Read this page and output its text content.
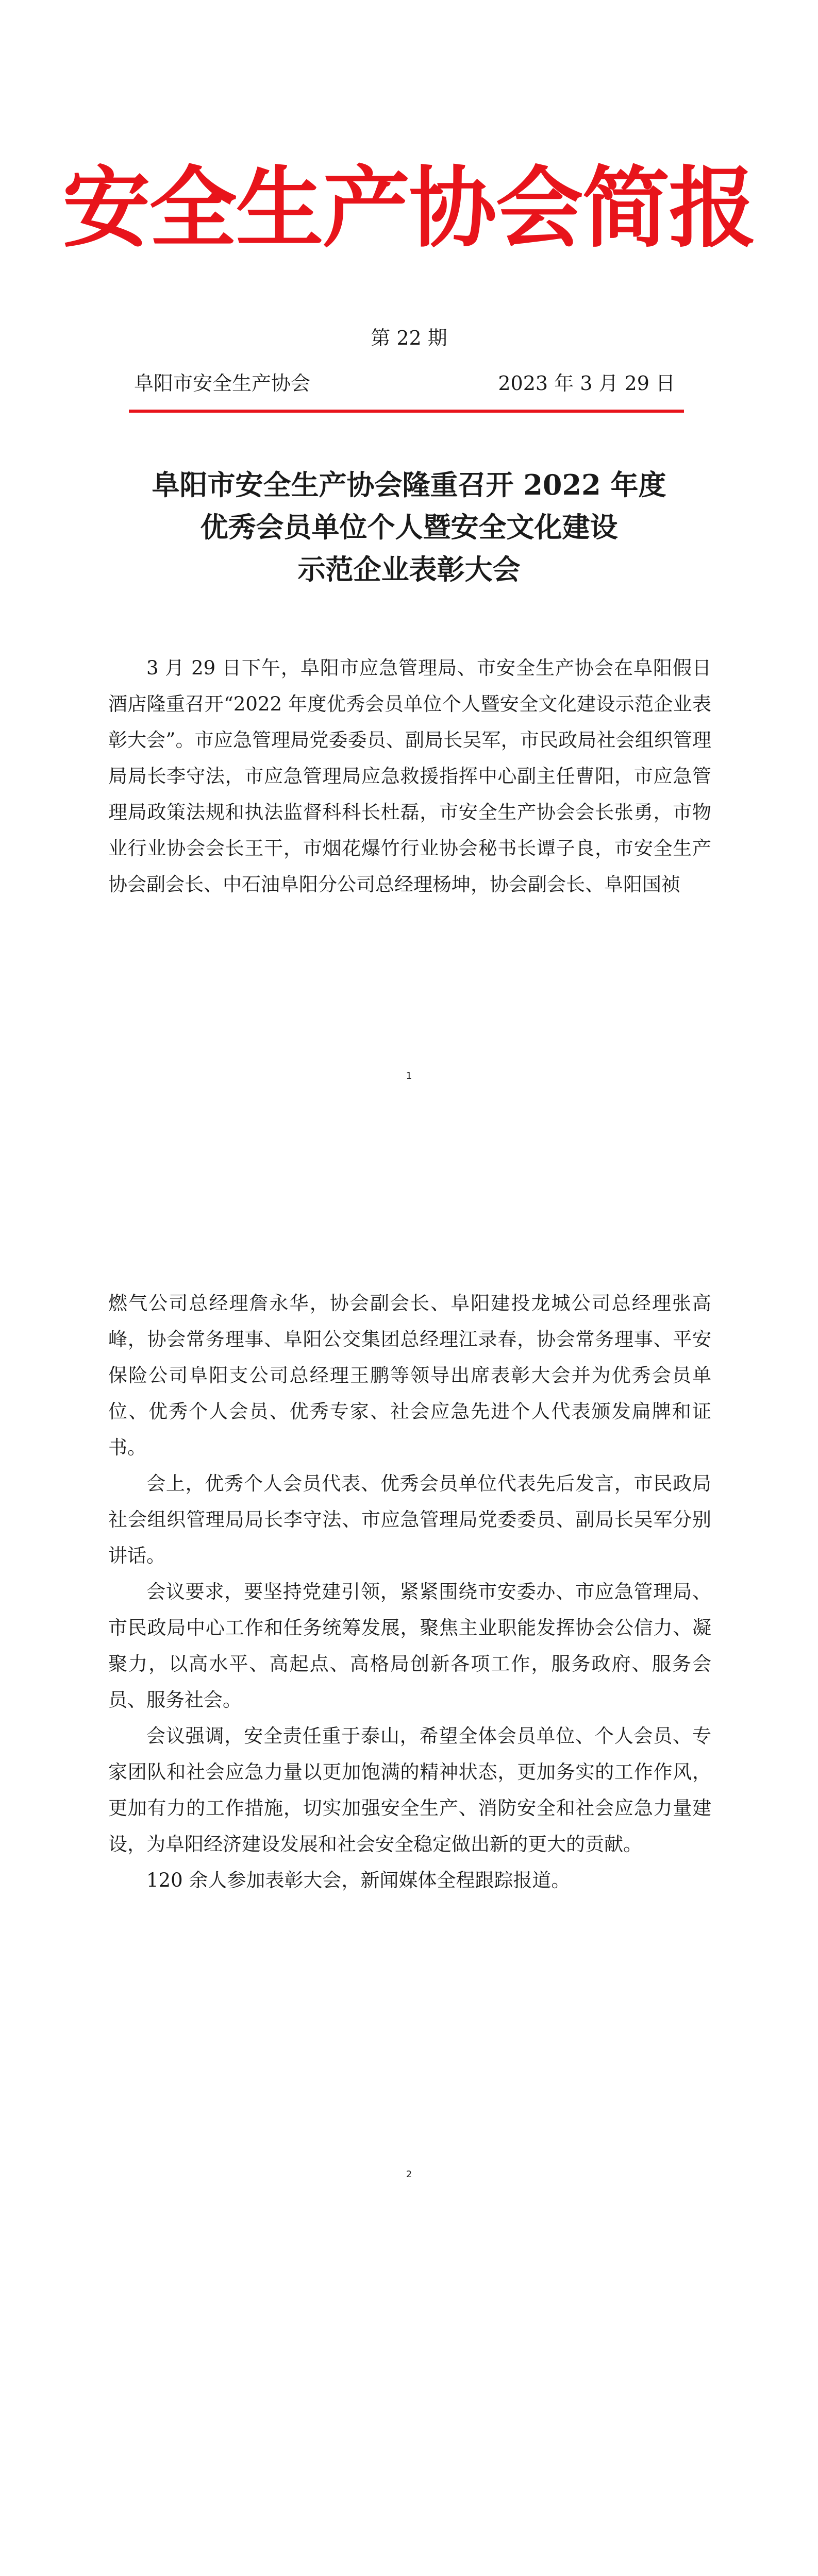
安全生产协会简报
第 22 期
阜阳市安全生产协会	2023 年 3 月 29 日
阜阳市安全生产协会隆重召开 2022 年度
优秀会员单位个人暨安全文化建设
示范企业表彰大会

3 月 29 日下午，阜阳市应急管理局、市安全生产协会在阜阳假日酒店隆重召开“2022 年度优秀会员单位个人暨安全文化建设示范企业表彰大会”。市应急管理局党委委员、副局长吴军，市民政局社会组织管理局局长李守法，市应急管理局应急救援指挥中心副主任曹阳，市应急管理局政策法规和执法监督科科长杜磊，市安全生产协会会长张勇，市物业行业协会会长王干，市烟花爆竹行业协会秘书长谭子良，市安全生产协会副会长、中石油阜阳分公司总经理杨坤，协会副会长、阜阳国祯

1

燃气公司总经理詹永华，协会副会长、阜阳建投龙城公司总经理张高峰，协会常务理事、阜阳公交集团总经理江录春，协会常务理事、平安保险公司阜阳支公司总经理王鹏等领导出席表彰大会并为优秀会员单位、优秀个人会员、优秀专家、社会应急先进个人代表颁发扁牌和证书。

会上，优秀个人会员代表、优秀会员单位代表先后发言，市民政局社会组织管理局局长李守法、市应急管理局党委委员、副局长吴军分别讲话。

会议要求，要坚持党建引领，紧紧围绕市安委办、市应急管理局、市民政局中心工作和任务统筹发展，聚焦主业职能发挥协会公信力、凝聚力，以高水平、高起点、高格局创新各项工作，服务政府、服务会员、服务社会。

会议强调，安全责任重于泰山，希望全体会员单位、个人会员、专家团队和社会应急力量以更加饱满的精神状态，更加务实的工作作风，更加有力的工作措施，切实加强安全生产、消防安全和社会应急力量建设，为阜阳经济建设发展和社会安全稳定做出新的更大的贡献。

120 余人参加表彰大会，新闻媒体全程跟踪报道。

2
